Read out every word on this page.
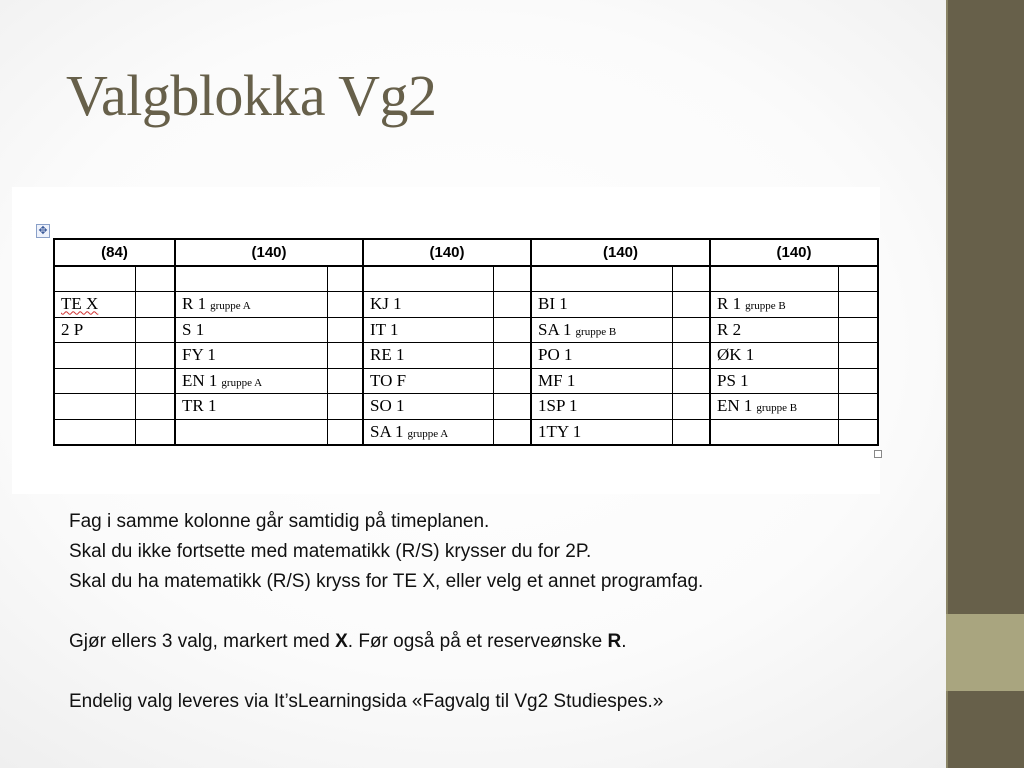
Valgblokka Vg2
✥
(84)		(140)		(140)		(140)		(140)	

TE X		R 1 gruppe A		KJ 1		BI 1		R 1 gruppe B	
2 P		S 1		IT 1		SA 1 gruppe B		R 2	
		FY 1		RE 1		PO 1		ØK 1	
		EN 1 gruppe A		TO F		MF 1		PS 1	
		TR 1		SO 1		1SP 1		EN 1 gruppe B	
				SA 1 gruppe A		1TY 1			

Fag i samme kolonne går samtidig på timeplanen.

Skal du ikke fortsette med matematikk (R/S) krysser du for 2P.

Skal du ha matematikk (R/S) kryss for TE X, eller velg et annet programfag.

Gjør ellers 3 valg, markert med X. Før også på et reserveønske R.

Endelig valg leveres via It’sLearningsida «Fagvalg til Vg2 Studiespes.»
